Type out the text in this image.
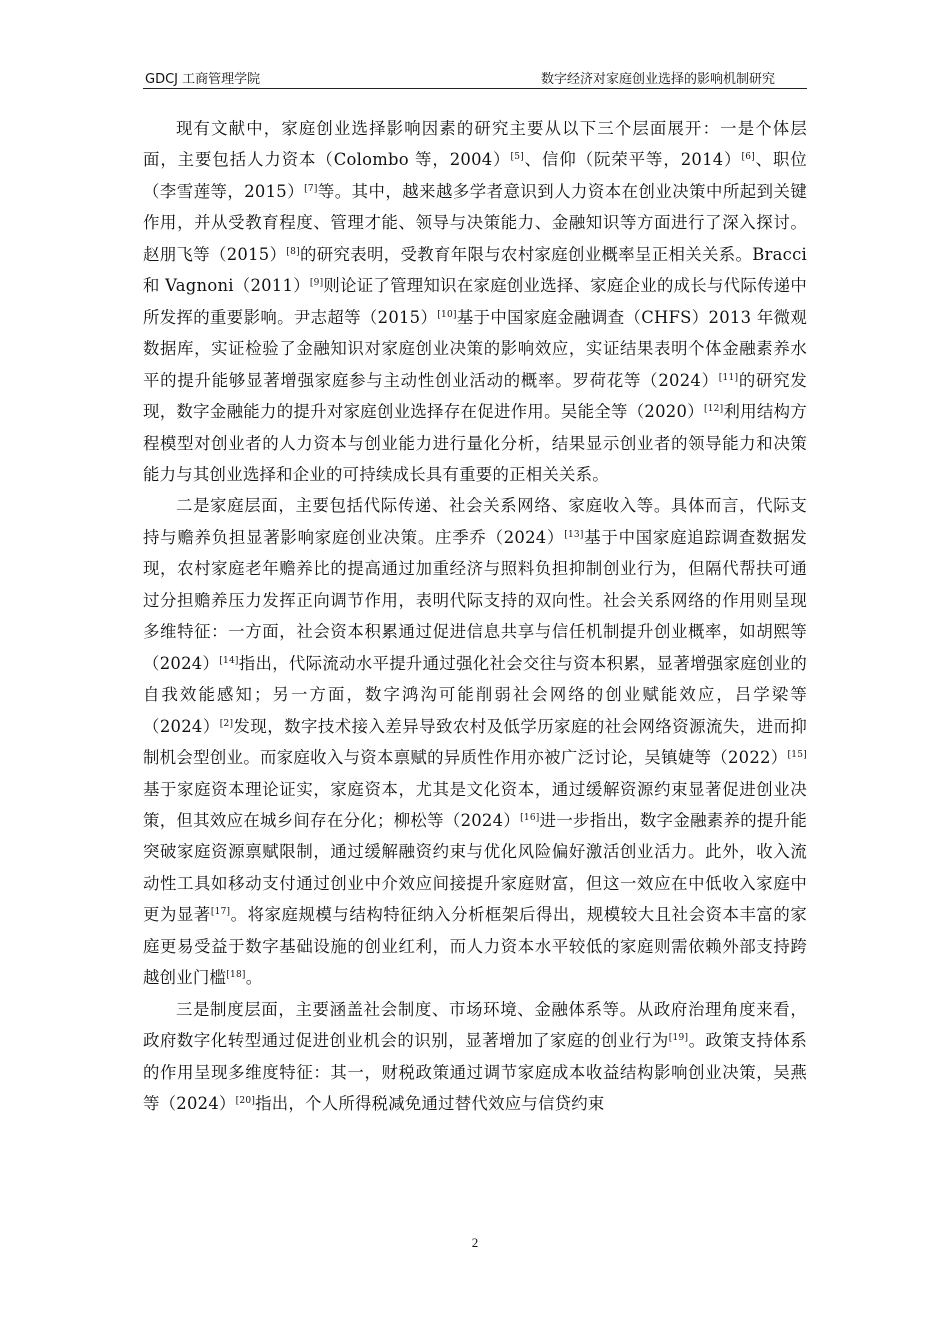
GDCJ 工商管理学院	数字经济对家庭创业选择的影响机制研究

现有文献中，家庭创业选择影响因素的研究主要从以下三个层面展开：一是个体层面，主要包括人力资本（Colombo 等，2004）[5]、信仰（阮荣平等，2014）[6]、职位（李雪莲等，2015）[7]等。其中，越来越多学者意识到人力资本在创业决策中所起到关键作用，并从受教育程度、管理才能、领导与决策能力、金融知识等方面进行了深入探讨。赵朋飞等（2015）[8]的研究表明，受教育年限与农村家庭创业概率呈正相关关系。Bracci 和 Vagnoni（2011）[9]则论证了管理知识在家庭创业选择、家庭企业的成长与代际传递中所发挥的重要影响。尹志超等（2015）[10]基于中国家庭金融调查（CHFS）2013 年微观数据库，实证检验了金融知识对家庭创业决策的影响效应，实证结果表明个体金融素养水平的提升能够显著增强家庭参与主动性创业活动的概率。罗荷花等（2024）[11]的研究发现，数字金融能力的提升对家庭创业选择存在促进作用。吴能全等（2020）[12]利用结构方程模型对创业者的人力资本与创业能力进行量化分析，结果显示创业者的领导能力和决策能力与其创业选择和企业的可持续成长具有重要的正相关关系。

二是家庭层面，主要包括代际传递、社会关系网络、家庭收入等。具体而言，代际支持与赡养负担显著影响家庭创业决策。庄季乔（2024）[13]基于中国家庭追踪调查数据发现，农村家庭老年赡养比的提高通过加重经济与照料负担抑制创业行为，但隔代帮扶可通过分担赡养压力发挥正向调节作用，表明代际支持的双向性。社会关系网络的作用则呈现多维特征：一方面，社会资本积累通过促进信息共享与信任机制提升创业概率，如胡熙等（2024）[14]指出，代际流动水平提升通过强化社会交往与资本积累，显著增强家庭创业的自我效能感知；另一方面，数字鸿沟可能削弱社会网络的创业赋能效应，吕学梁等（2024）[2]发现，数字技术接入差异导致农村及低学历家庭的社会网络资源流失，进而抑制机会型创业。而家庭收入与资本禀赋的异质性作用亦被广泛讨论，吴镇婕等（2022）[15]基于家庭资本理论证实，家庭资本，尤其是文化资本，通过缓解资源约束显著促进创业决策，但其效应在城乡间存在分化；柳松等（2024）[16]进一步指出，数字金融素养的提升能突破家庭资源禀赋限制，通过缓解融资约束与优化风险偏好激活创业活力。此外，收入流动性工具如移动支付通过创业中介效应间接提升家庭财富，但这一效应在中低收入家庭中更为显著[17]。将家庭规模与结构特征纳入分析框架后得出，规模较大且社会资本丰富的家庭更易受益于数字基础设施的创业红利，而人力资本水平较低的家庭则需依赖外部支持跨越创业门槛[18]。

三是制度层面，主要涵盖社会制度、市场环境、金融体系等。从政府治理角度来看，政府数字化转型通过促进创业机会的识别，显著增加了家庭的创业行为[19]。政策支持体系的作用呈现多维度特征：其一，财税政策通过调节家庭成本收益结构影响创业决策，吴燕等（2024）[20]指出，个人所得税减免通过替代效应与信贷约束

2
